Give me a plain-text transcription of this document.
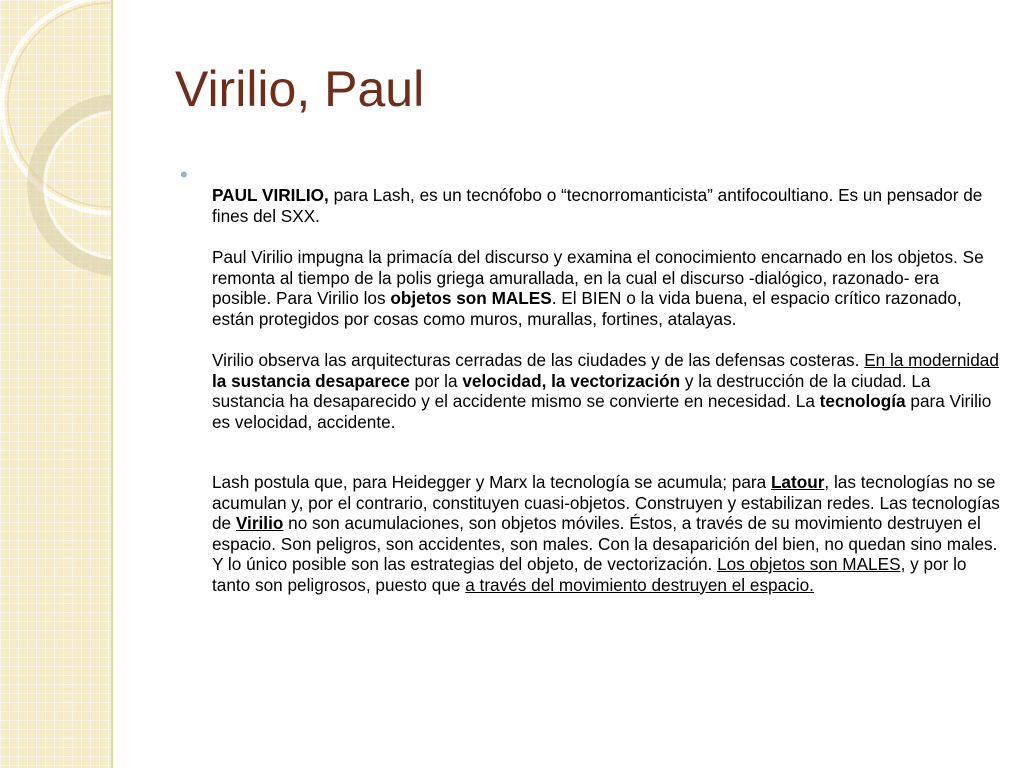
Virilio, Paul
•

PAUL VIRILIO, para Lash, es un tecnófobo o “tecnorromanticista” antifocoultiano. Es un pensador de fines del SXX.

Paul Virilio impugna la primacía del discurso y examina el conocimiento encarnado en los objetos. Se remonta al tiempo de la polis griega amurallada, en la cual el discurso -dialógico, razonado- era posible. Para Virilio los objetos son MALES. El BIEN o la vida buena, el espacio crítico razonado, están protegidos por cosas como muros, murallas, fortines, atalayas.

Virilio observa las arquitecturas cerradas de las ciudades y de las defensas costeras. En la modernidad la sustancia desaparece por la velocidad, la vectorización y la destrucción de la ciudad. La sustancia ha desaparecido y el accidente mismo se convierte en necesidad. La tecnología para Virilio es velocidad, accidente.

Lash postula que, para Heidegger y Marx la tecnología se acumula; para Latour, las tecnologías no se acumulan y, por el contrario, constituyen cuasi-objetos. Construyen y estabilizan redes. Las tecnologías de Virilio no son acumulaciones, son objetos móviles. Éstos, a través de su movimiento destruyen el espacio. Son peligros, son accidentes, son males. Con la desaparición del bien, no quedan sino males. Y lo único posible son las estrategias del objeto, de vectorización. Los objetos son MALES, y por lo tanto son peligrosos, puesto que a través del movimiento destruyen el espacio.
